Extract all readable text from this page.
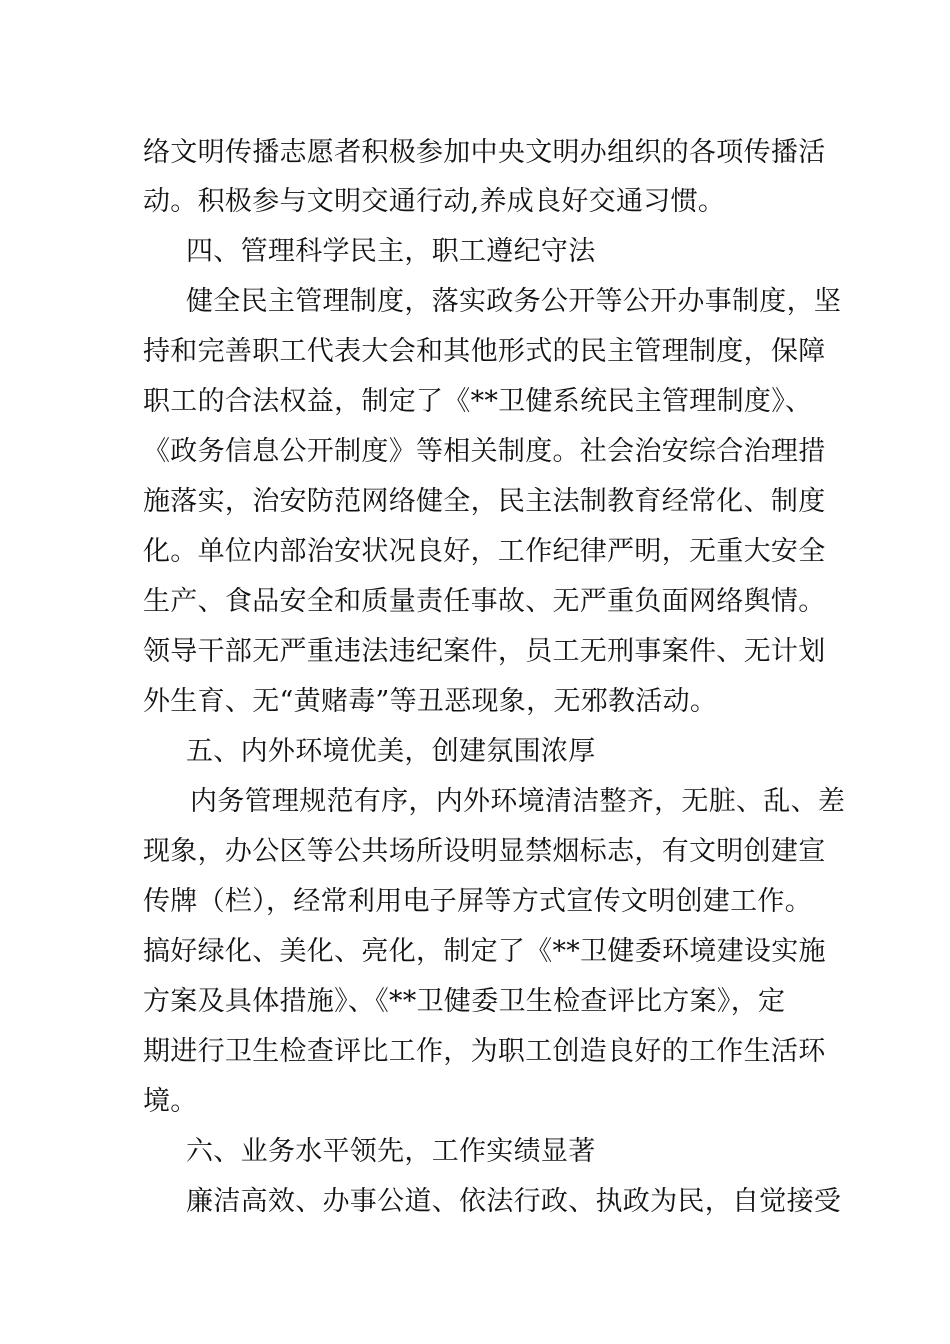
络文明传播志愿者积极参加中央文明办组织的各项传播活
动。积极参与文明交通行动,养成良好交通习惯。
四、管理科学民主，职工遵纪守法
健全民主管理制度，落实政务公开等公开办事制度，坚
持和完善职工代表大会和其他形式的民主管理制度，保障
职工的合法权益，制定了《**卫健系统民主管理制度》、
《政务信息公开制度》等相关制度。社会治安综合治理措
施落实，治安防范网络健全，民主法制教育经常化、制度
化。单位内部治安状况良好，工作纪律严明，无重大安全
生产、食品安全和质量责任事故、无严重负面网络舆情。
领导干部无严重违法违纪案件，员工无刑事案件、无计划
外生育、无“黄赌毒”等丑恶现象，无邪教活动。
五、内外环境优美，创建氛围浓厚
内务管理规范有序，内外环境清洁整齐，无脏、乱、差
现象，办公区等公共场所设明显禁烟标志，有文明创建宣
传牌（栏），经常利用电子屏等方式宣传文明创建工作。
搞好绿化、美化、亮化，制定了《**卫健委环境建设实施
方案及具体措施》、《**卫健委卫生检查评比方案》，定
期进行卫生检查评比工作，为职工创造良好的工作生活环
境。
六、业务水平领先，工作实绩显著
廉洁高效、办事公道、依法行政、执政为民，自觉接受
